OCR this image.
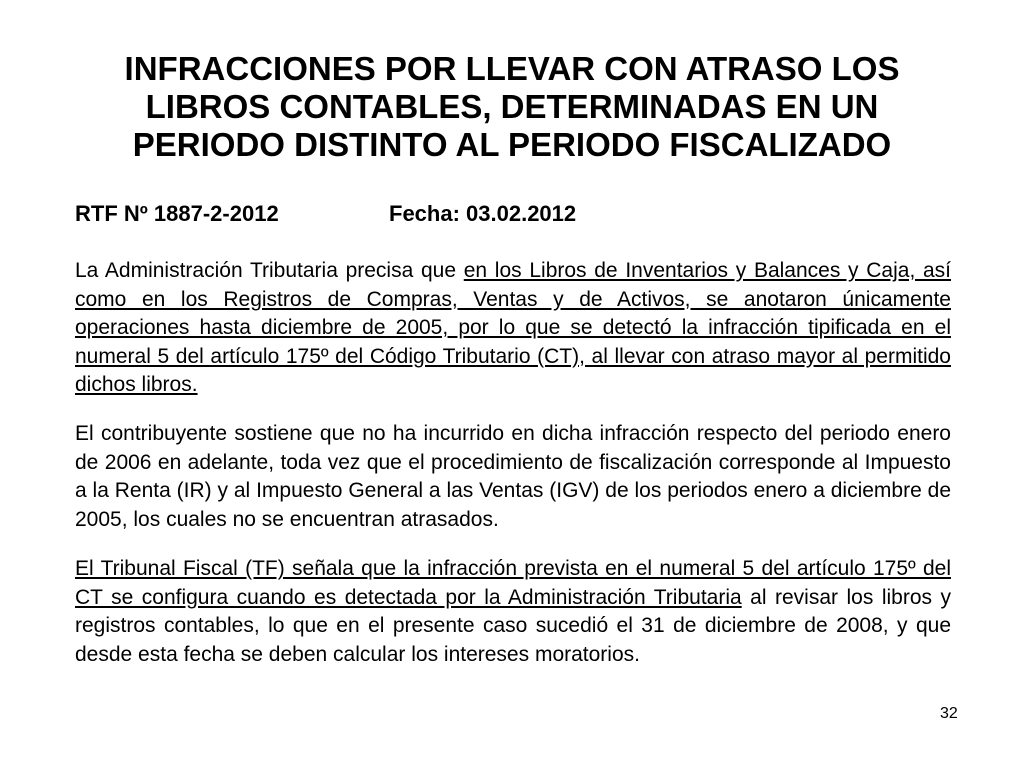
INFRACCIONES POR LLEVAR CON ATRASO LOS
LIBROS CONTABLES, DETERMINADAS EN UN
PERIODO DISTINTO AL PERIODO FISCALIZADO
RTF Nº 1887-2-2012	Fecha: 03.02.2012

La Administración Tributaria precisa que en los Libros de Inventarios y Balances y Caja, así como en los Registros de Compras, Ventas y de Activos, se anotaron únicamente operaciones hasta diciembre de 2005, por lo que se detectó la infracción tipificada en el numeral 5 del artículo 175º del Código Tributario (CT), al llevar con atraso mayor al permitido dichos libros.

El contribuyente sostiene que no ha incurrido en dicha infracción respecto del periodo enero de 2006 en adelante, toda vez que el procedimiento de fiscalización corresponde al Impuesto a la Renta (IR) y al Impuesto General a las Ventas (IGV) de los periodos enero a diciembre de 2005, los cuales no se encuentran atrasados.

El Tribunal Fiscal (TF) señala que la infracción prevista en el numeral 5 del artículo 175º del CT se configura cuando es detectada por la Administración Tributaria al revisar los libros y registros contables, lo que en el presente caso sucedió el 31 de diciembre de 2008, y que desde esta fecha se deben calcular los intereses moratorios.

32
